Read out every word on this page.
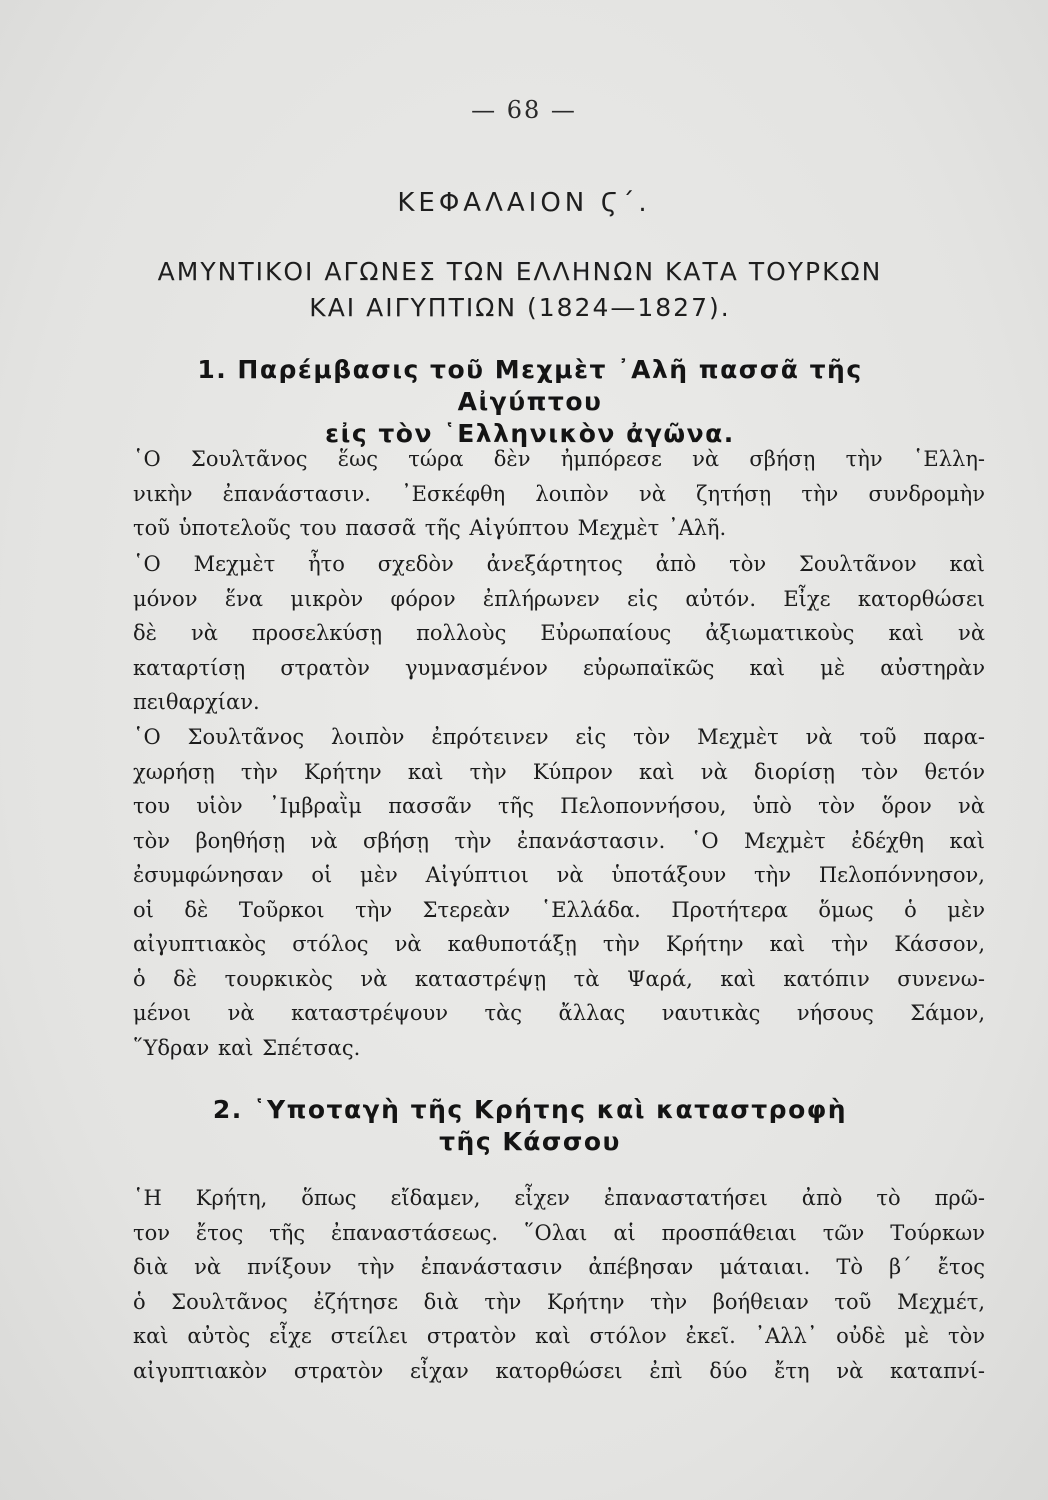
— 68 —
ΚΕΦΑΛΑΙΟΝ Ϛ΄.
ΑΜΥΝΤΙΚΟΙ ΑΓΩΝΕΣ ΤΩΝ ΕΛΛΗΝΩΝ ΚΑΤΑ ΤΟΥΡΚΩΝ
ΚΑΙ ΑΙΓΥΠΤΙΩΝ (1824—1827).
1. Παρέμβασις τοῦ Μεχμὲτ ᾿Αλῆ πασσᾶ τῆς Αἰγύπτου
εἰς τὸν ῾Ελληνικὸν ἀγῶνα.
῾Ο Σουλτᾶνος ἕως τώρα δὲν ἠμπόρεσε νὰ σβήσῃ τὴν ῾Ελλη-
νικὴν ἐπανάστασιν. ᾿Εσκέφθη λοιπὸν νὰ ζητήσῃ τὴν συνδρομὴν
τοῦ ὑποτελοῦς του πασσᾶ τῆς Αἰγύπτου Μεχμὲτ ᾿Αλῆ.
῾Ο Μεχμὲτ ἦτο σχεδὸν ἀνεξάρτητος ἀπὸ τὸν Σουλτᾶνον καὶ
μόνον ἕνα μικρὸν φόρον ἐπλήρωνεν εἰς αὐτόν. Εἶχε κατορθώσει
δὲ νὰ προσελκύσῃ πολλοὺς Εὐρωπαίους ἀξιωματικοὺς καὶ νὰ
καταρτίσῃ στρατὸν γυμνασμένον εὐρωπαϊκῶς καὶ μὲ αὐστηρὰν
πειθαρχίαν.
῾Ο Σουλτᾶνος λοιπὸν ἐπρότεινεν εἰς τὸν Μεχμὲτ νὰ τοῦ παρα-
χωρήσῃ τὴν Κρήτην καὶ τὴν Κύπρον καὶ νὰ διορίσῃ τὸν θετόν
του υἱὸν ᾿Ιμβραῒμ πασσᾶν τῆς Πελοποννήσου, ὑπὸ τὸν ὅρον νὰ
τὸν βοηθήσῃ νὰ σβήσῃ τὴν ἐπανάστασιν. ῾Ο Μεχμὲτ ἐδέχθη καὶ
ἐσυμφώνησαν οἱ μὲν Αἰγύπτιοι νὰ ὑποτάξουν τὴν Πελοπόννησον,
οἱ δὲ Τοῦρκοι τὴν Στερεὰν ῾Ελλάδα. Προτήτερα ὅμως ὁ μὲν
αἰγυπτιακὸς στόλος νὰ καθυποτάξῃ τὴν Κρήτην καὶ τὴν Κάσσον,
ὁ δὲ τουρκικὸς νὰ καταστρέψῃ τὰ Ψαρά, καὶ κατόπιν συνενω-
μένοι νὰ καταστρέψουν τὰς ἄλλας ναυτικὰς νήσους Σάμον,
῞Υδραν καὶ Σπέτσας.
2. ῾Υποταγὴ τῆς Κρήτης καὶ καταστροφὴ
τῆς Κάσσου
῾Η Κρήτη, ὅπως εἴδαμεν, εἶχεν ἐπαναστατήσει ἀπὸ τὸ πρῶ-
τον ἔτος τῆς ἐπαναστάσεως. ῞Ολαι αἱ προσπάθειαι τῶν Τούρκων
διὰ νὰ πνίξουν τὴν ἐπανάστασιν ἀπέβησαν μάταιαι. Τὸ β΄ ἔτος
ὁ Σουλτᾶνος ἐζήτησε διὰ τὴν Κρήτην τὴν βοήθειαν τοῦ Μεχμέτ,
καὶ αὐτὸς εἶχε στείλει στρατὸν καὶ στόλον ἐκεῖ. ᾿Αλλ᾿ οὐδὲ μὲ τὸν
αἰγυπτιακὸν στρατὸν εἶχαν κατορθώσει ἐπὶ δύο ἔτη νὰ καταπνί-
